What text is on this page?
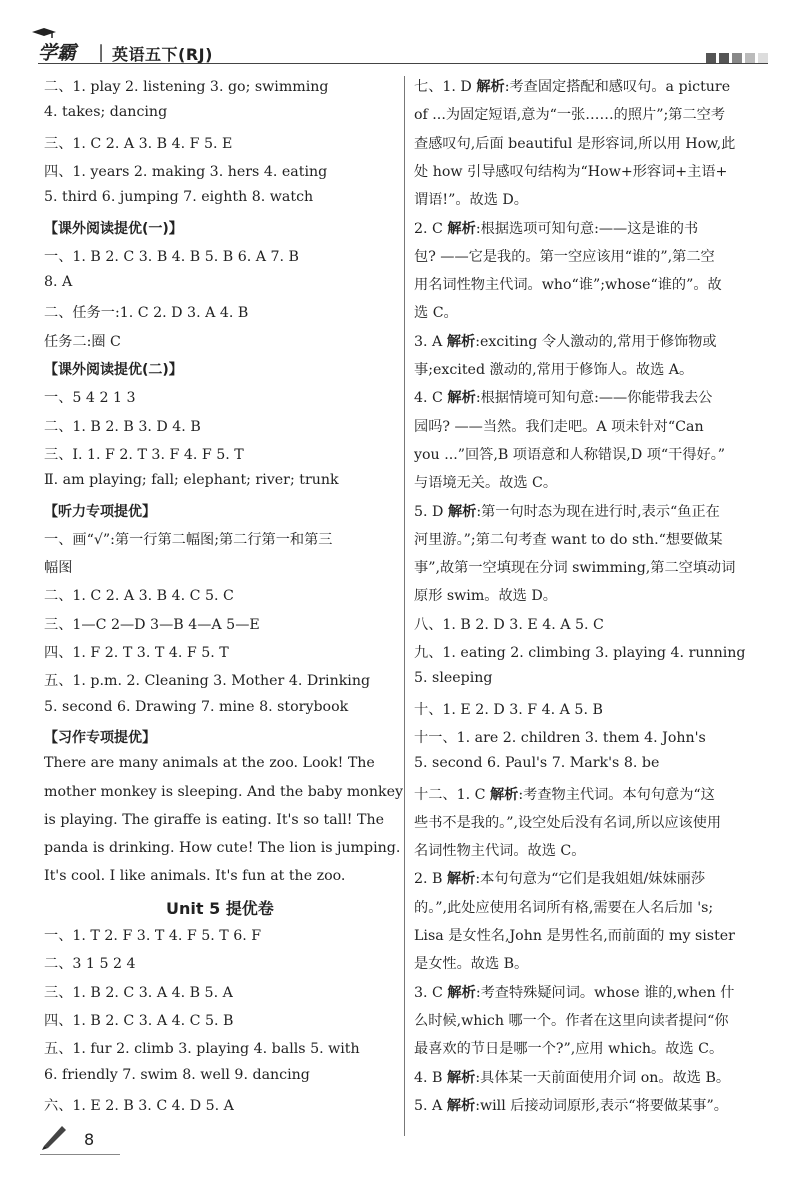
学霸 | 英语五下(RJ)
二、1. play 2. listening 3. go; swimming
4. takes; dancing
三、1. C 2. A 3. B 4. F 5. E
四、1. years 2. making 3. hers 4. eating
5. third 6. jumping 7. eighth 8. watch
【课外阅读提优(一)】
一、1. B 2. C 3. B 4. B 5. B 6. A 7. B
8. A
二、任务一:1. C 2. D 3. A 4. B
任务二:圈 C
【课外阅读提优(二)】
一、5 4 2 1 3
二、1. B 2. B 3. D 4. B
三、Ⅰ. 1. F 2. T 3. F 4. F 5. T
Ⅱ. am playing; fall; elephant; river; trunk
【听力专项提优】
一、画“√”:第一行第二幅图;第二行第一和第三
幅图
二、1. C 2. A 3. B 4. C 5. C
三、1—C 2—D 3—B 4—A 5—E
四、1. F 2. T 3. T 4. F 5. T
五、1. p.m. 2. Cleaning 3. Mother 4. Drinking
5. second 6. Drawing 7. mine 8. storybook
【习作专项提优】
There are many animals at the zoo. Look! The
mother monkey is sleeping. And the baby monkey
is playing. The giraffe is eating. It's so tall! The
panda is drinking. How cute! The lion is jumping.
It's cool. I like animals. It's fun at the zoo.
Unit 5 提优卷
一、1. T 2. F 3. T 4. F 5. T 6. F
二、3 1 5 2 4
三、1. B 2. C 3. A 4. B 5. A
四、1. B 2. C 3. A 4. C 5. B
五、1. fur 2. climb 3. playing 4. balls 5. with
6. friendly 7. swim 8. well 9. dancing
六、1. E 2. B 3. C 4. D 5. A
七、1. D 解析:考查固定搭配和感叹句。a picture
of ...为固定短语,意为“一张……的照片”;第二空考
查感叹句,后面 beautiful 是形容词,所以用 How,此
处 how 引导感叹句结构为“How+形容词+主语+
谓语!”。故选 D。
2. C 解析:根据选项可知句意:——这是谁的书
包? ——它是我的。第一空应该用“谁的”,第二空
用名词性物主代词。who“谁”;whose“谁的”。故
选 C。
3. A 解析:exciting 令人激动的,常用于修饰物或
事;excited 激动的,常用于修饰人。故选 A。
4. C 解析:根据情境可知句意:——你能带我去公
园吗? ——当然。我们走吧。A 项未针对“Can
you ...”回答,B 项语意和人称错误,D 项“干得好。”
与语境无关。故选 C。
5. D 解析:第一句时态为现在进行时,表示“鱼正在
河里游。”;第二句考查 want to do sth.“想要做某
事”,故第一空填现在分词 swimming,第二空填动词
原形 swim。故选 D。
八、1. B 2. D 3. E 4. A 5. C
九、1. eating 2. climbing 3. playing 4. running
5. sleeping
十、1. E 2. D 3. F 4. A 5. B
十一、1. are 2. children 3. them 4. John's
5. second 6. Paul's 7. Mark's 8. be
十二、1. C 解析:考查物主代词。本句句意为“这
些书不是我的。”,设空处后没有名词,所以应该使用
名词性物主代词。故选 C。
2. B 解析:本句句意为“它们是我姐姐/妹妹丽莎
的。”,此处应使用名词所有格,需要在人名后加 's;
Lisa 是女性名,John 是男性名,而前面的 my sister
是女性。故选 B。
3. C 解析:考查特殊疑问词。whose 谁的,when 什
么时候,which 哪一个。作者在这里向读者提问“你
最喜欢的节日是哪一个?”,应用 which。故选 C。
4. B 解析:具体某一天前面使用介词 on。故选 B。
5. A 解析:will 后接动词原形,表示“将要做某事”。
8
